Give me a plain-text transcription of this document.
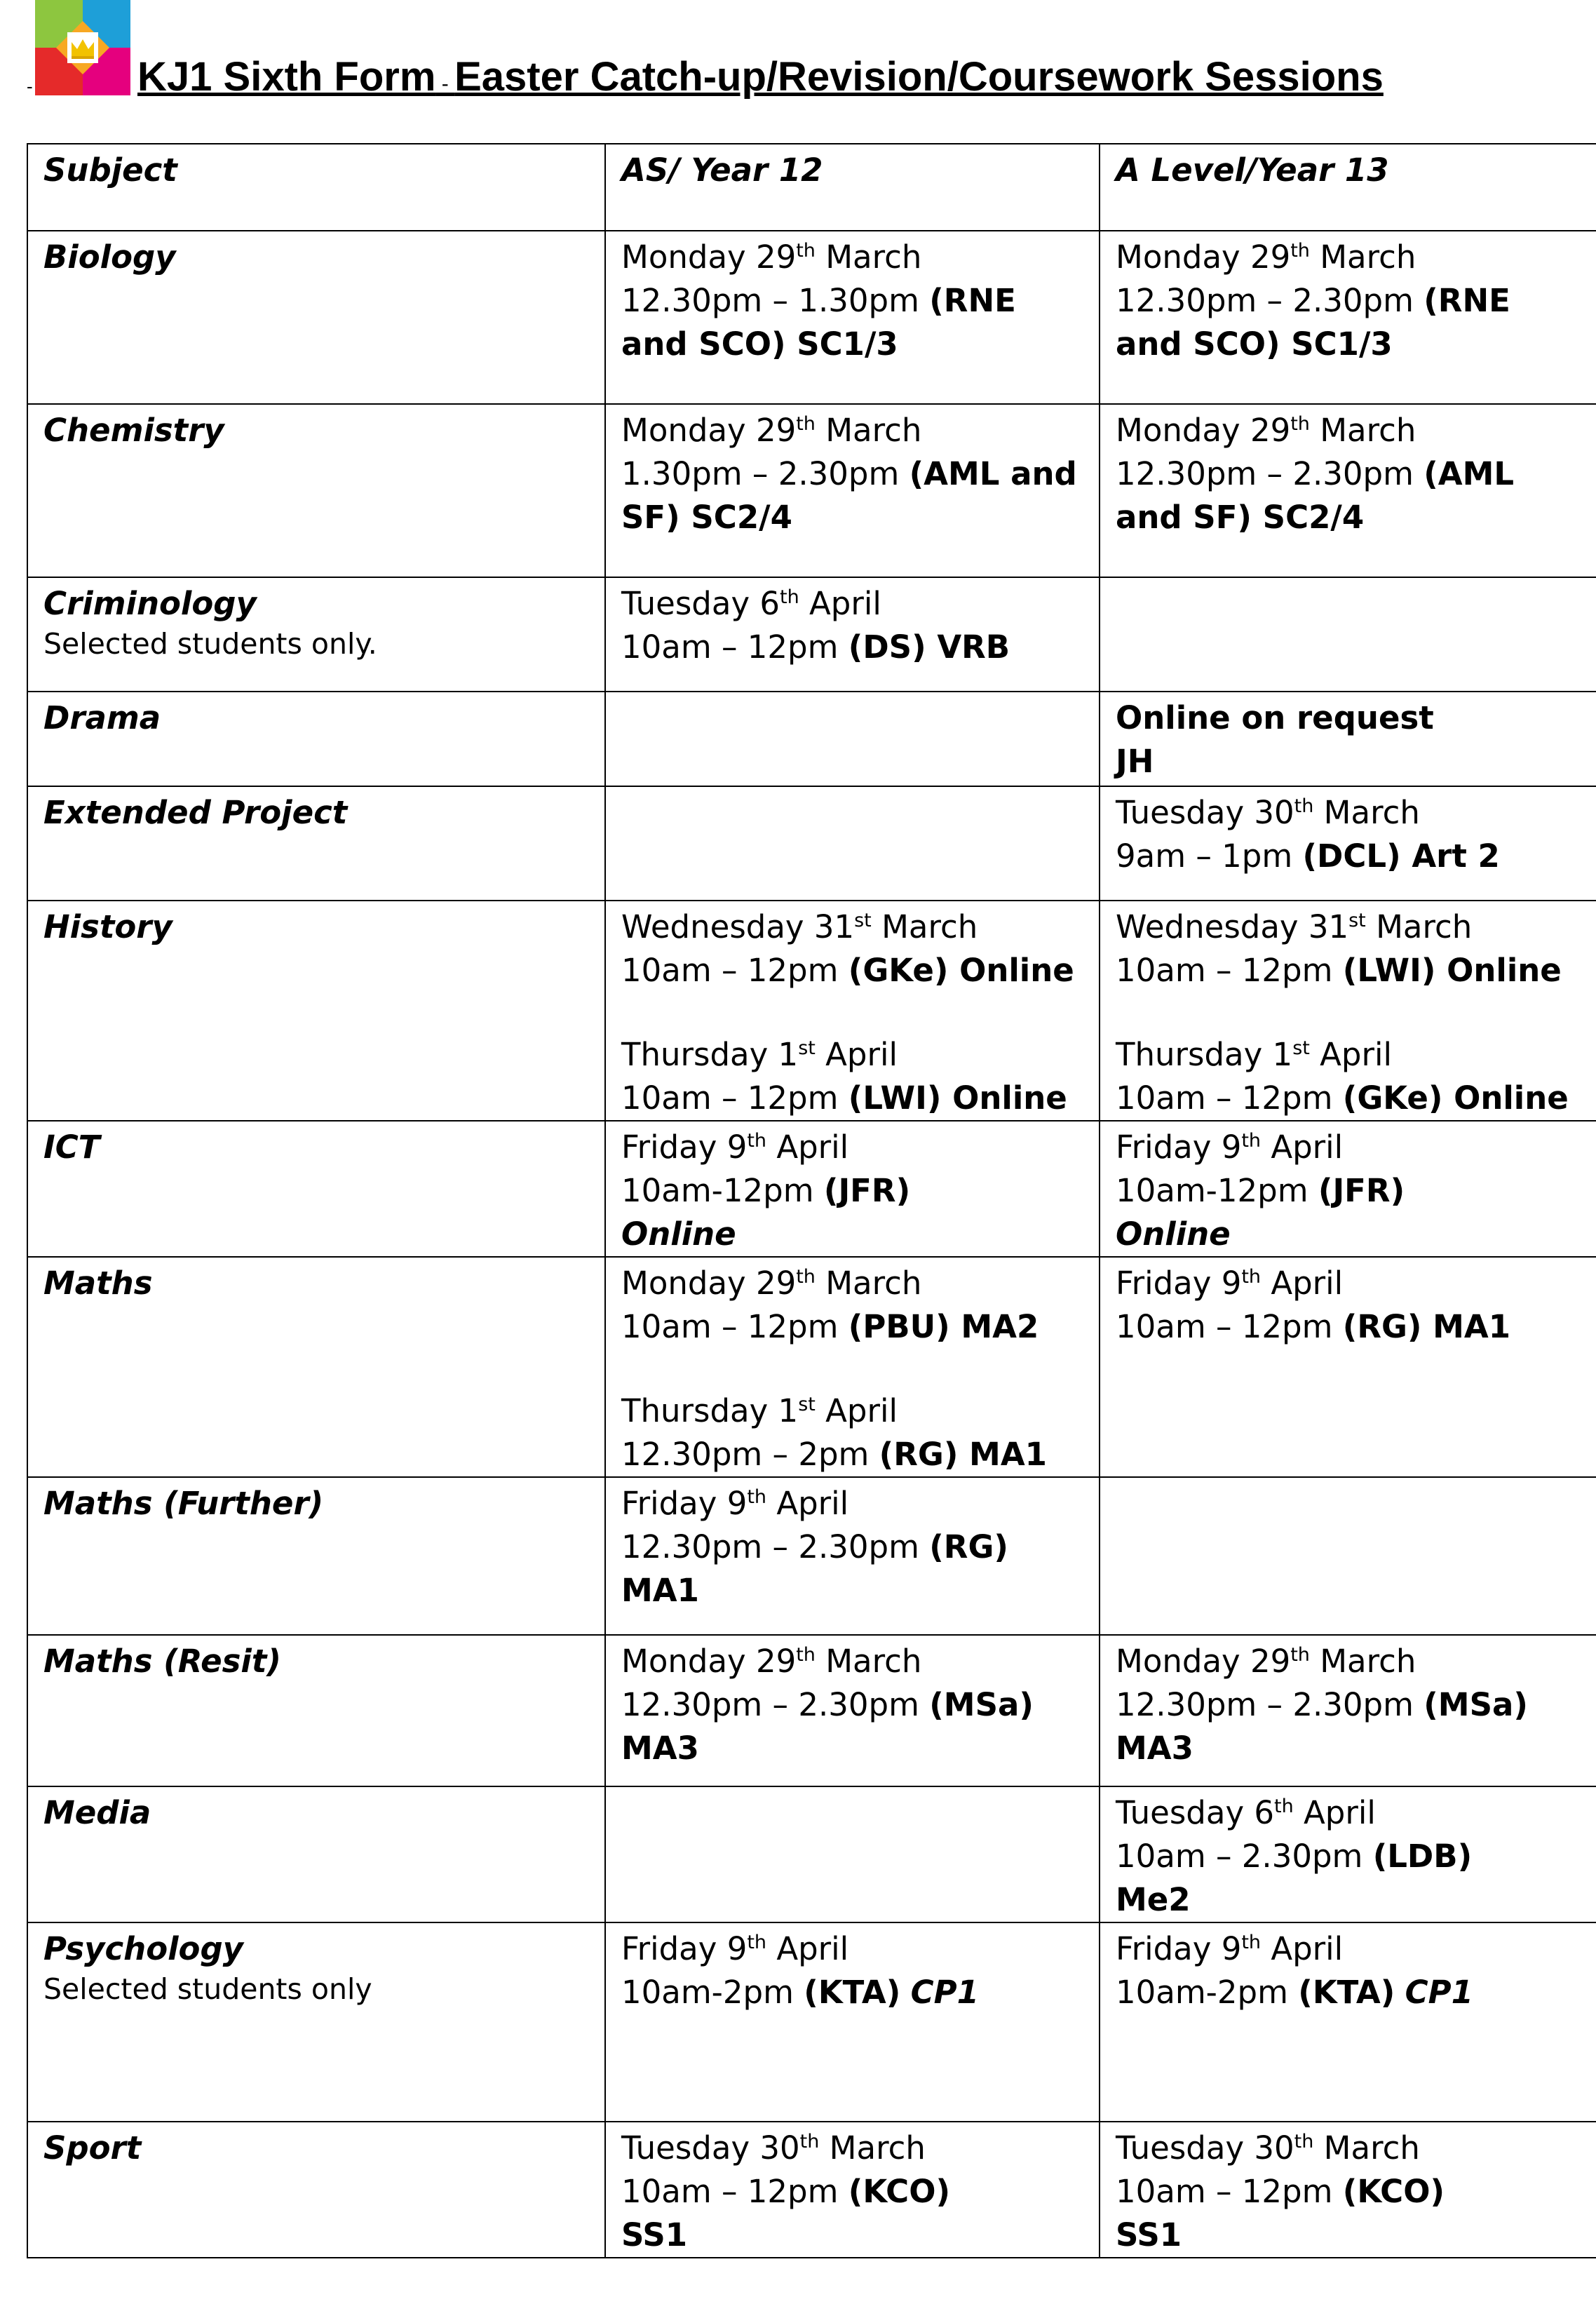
-	KJ1 Sixth Form - Easter Catch-up/Revision/Coursework Sessions
Subject	AS/ Year 12	A Level/Year 13
Biology	Monday 29th March
12.30pm – 1.30pm (RNE
and SCO) SC1/3	Monday 29th March
12.30pm – 2.30pm (RNE
and SCO) SC1/3

Chemistry	Monday 29th March
1.30pm – 2.30pm (AML and
SF) SC2/4	Monday 29th March
12.30pm – 2.30pm (AML
and SF) SC2/4

Criminology
Selected students only.	Tuesday 6th April
10am – 12pm (DS) VRB	

Drama		Online on request
JH

Extended Project		Tuesday 30th March
9am – 1pm (DCL) Art 2

History	Wednesday 31st March
10am – 12pm (GKe) Online
Thursday 1st April
10am – 12pm (LWI) Online	Wednesday 31st March
10am – 12pm (LWI) Online
Thursday 1st April
10am – 12pm (GKe) Online

ICT	Friday 9th April
10am-12pm (JFR)
Online	Friday 9th April
10am-12pm (JFR)
Online

Maths	Monday 29th March
10am – 12pm (PBU) MA2
Thursday 1st April
12.30pm – 2pm (RG) MA1	Friday 9th April
10am – 12pm (RG) MA1

Maths (Further)	Friday 9th April
12.30pm – 2.30pm (RG)
MA1	

Maths (Resit)	Monday 29th March
12.30pm – 2.30pm (MSa)
MA3	Monday 29th March
12.30pm – 2.30pm (MSa)
MA3

Media		Tuesday 6th April
10am – 2.30pm (LDB)
Me2

Psychology
Selected students only	Friday 9th April
10am-2pm (KTA) CP1	Friday 9th April
10am-2pm (KTA) CP1

Sport	Tuesday 30th March
10am – 12pm (KCO)
SS1	Tuesday 30th March
10am – 12pm (KCO)
SS1
